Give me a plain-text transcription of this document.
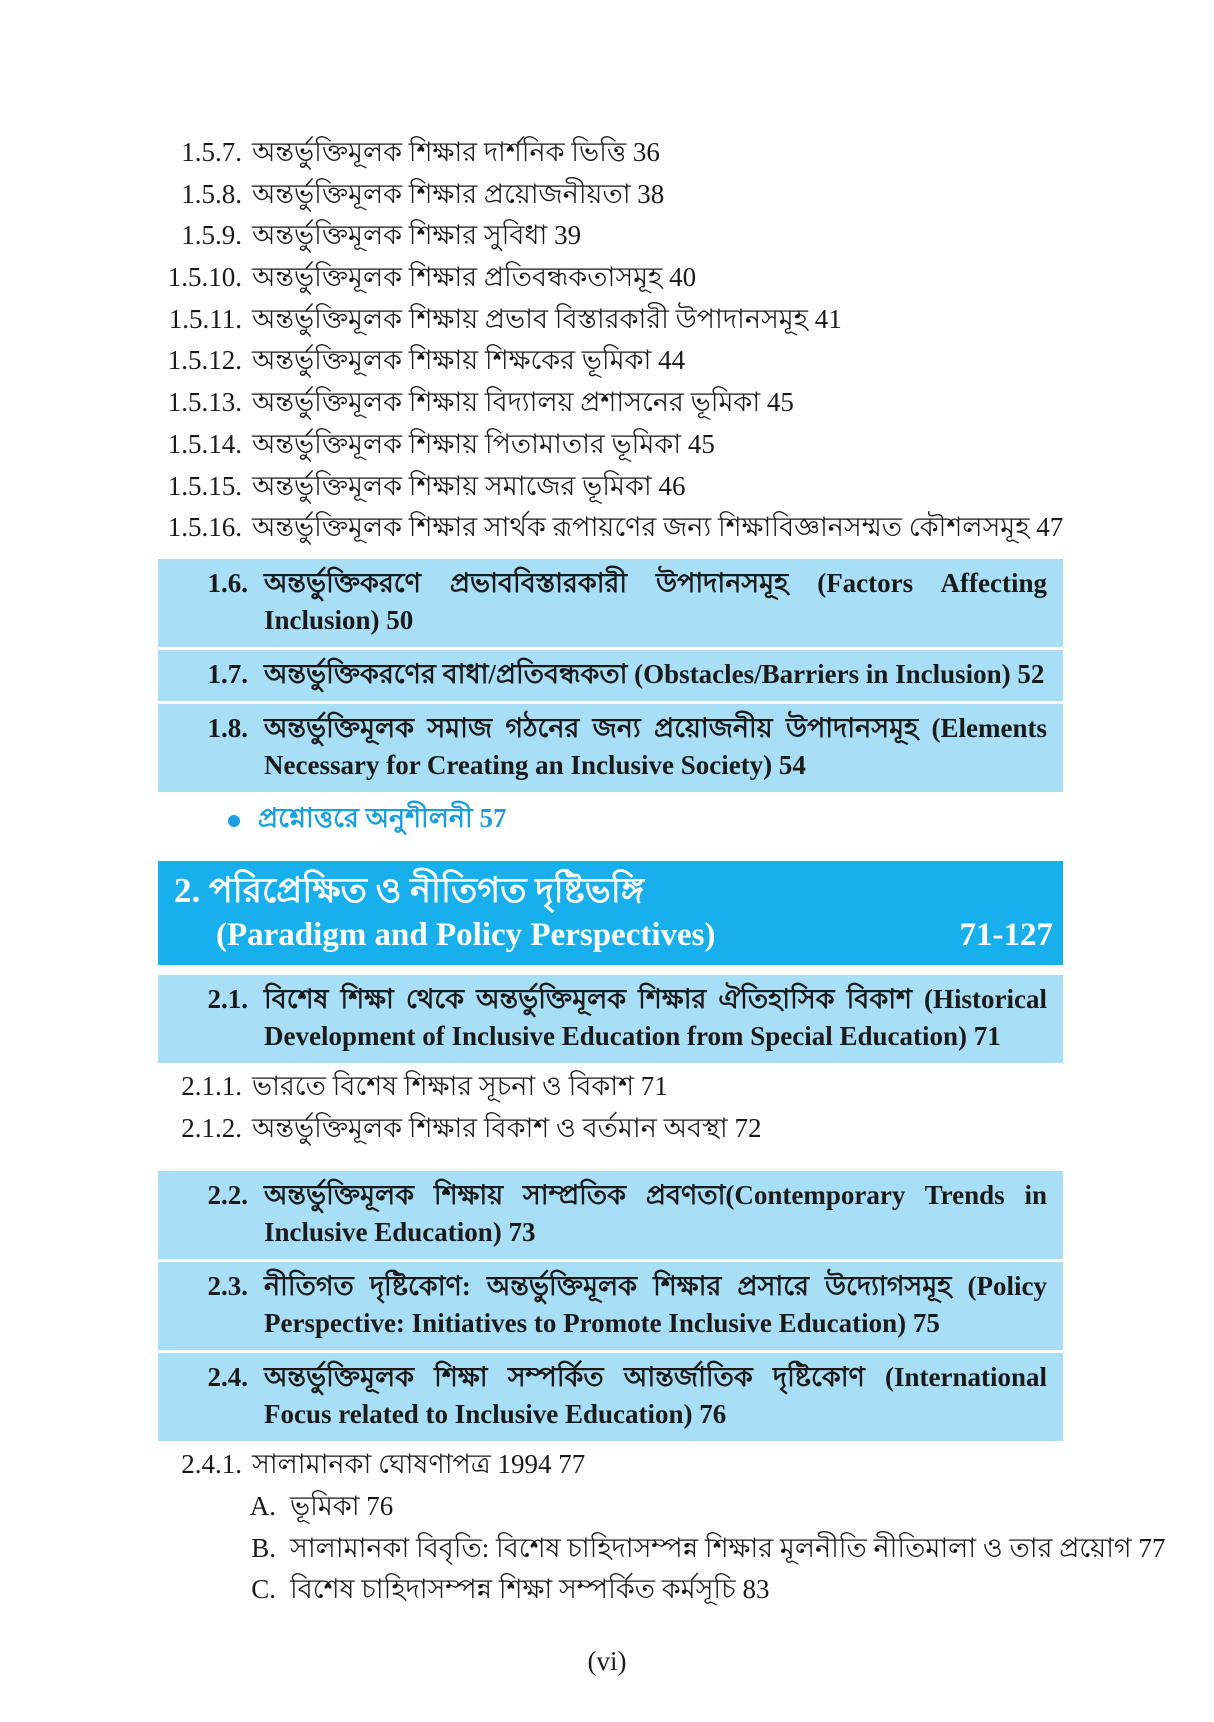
1.5.7. অন্তর্ভুক্তিমূলক শিক্ষার দার্শনিক ভিত্তি 36
1.5.8. অন্তর্ভুক্তিমূলক শিক্ষার প্রয়োজনীয়তা 38
1.5.9. অন্তর্ভুক্তিমূলক শিক্ষার সুবিধা 39
1.5.10. অন্তর্ভুক্তিমূলক শিক্ষার প্রতিবন্ধকতাসমূহ 40
1.5.11. অন্তর্ভুক্তিমূলক শিক্ষায় প্রভাব বিস্তারকারী উপাদানসমূহ 41
1.5.12. অন্তর্ভুক্তিমূলক শিক্ষায় শিক্ষকের ভূমিকা 44
1.5.13. অন্তর্ভুক্তিমূলক শিক্ষায় বিদ্যালয় প্রশাসনের ভূমিকা 45
1.5.14. অন্তর্ভুক্তিমূলক শিক্ষায় পিতামাতার ভূমিকা 45
1.5.15. অন্তর্ভুক্তিমূলক শিক্ষায় সমাজের ভূমিকা 46
1.5.16. অন্তর্ভুক্তিমূলক শিক্ষার সার্থক রূপায়ণের জন্য শিক্ষাবিজ্ঞানসম্মত কৌশলসমূহ 47
1.6. অন্তর্ভুক্তিকরণে প্রভাববিস্তারকারী উপাদানসমূহ (Factors Affecting Inclusion) 50
1.7. অন্তর্ভুক্তিকরণের বাধা/প্রতিবন্ধকতা (Obstacles/Barriers in Inclusion) 52
1.8. অন্তর্ভুক্তিমূলক সমাজ গঠনের জন্য প্রয়োজনীয় উপাদানসমূহ (Elements Necessary for Creating an Inclusive Society) 54
প্রশ্নোত্তরে অনুশীলনী 57
2. পরিপ্রেক্ষিত ও নীতিগত দৃষ্টিভঙ্গি
(Paradigm and Policy Perspectives)	71-127
2.1. বিশেষ শিক্ষা থেকে অন্তর্ভুক্তিমূলক শিক্ষার ঐতিহাসিক বিকাশ (Historical Development of Inclusive Education from Special Education) 71
2.1.1. ভারতে বিশেষ শিক্ষার সূচনা ও বিকাশ 71
2.1.2. অন্তর্ভুক্তিমূলক শিক্ষার বিকাশ ও বর্তমান অবস্থা 72
2.2. অন্তর্ভুক্তিমূলক শিক্ষায় সাম্প্রতিক প্রবণতা(Contemporary Trends in Inclusive Education) 73
2.3. নীতিগত দৃষ্টিকোণ: অন্তর্ভুক্তিমূলক শিক্ষার প্রসারে উদ্যোগসমূহ (Policy Perspective: Initiatives to Promote Inclusive Education) 75
2.4. অন্তর্ভুক্তিমূলক শিক্ষা সম্পর্কিত আন্তর্জাতিক দৃষ্টিকোণ (International Focus related to Inclusive Education) 76
2.4.1. সালামানকা ঘোষণাপত্র 1994 77
A. ভূমিকা 76
B. সালামানকা বিবৃতি: বিশেষ চাহিদাসম্পন্ন শিক্ষার মূলনীতি নীতিমালা ও তার প্রয়োগ 77
C. বিশেষ চাহিদাসম্পন্ন শিক্ষা সম্পর্কিত কর্মসূচি 83
(vi)
